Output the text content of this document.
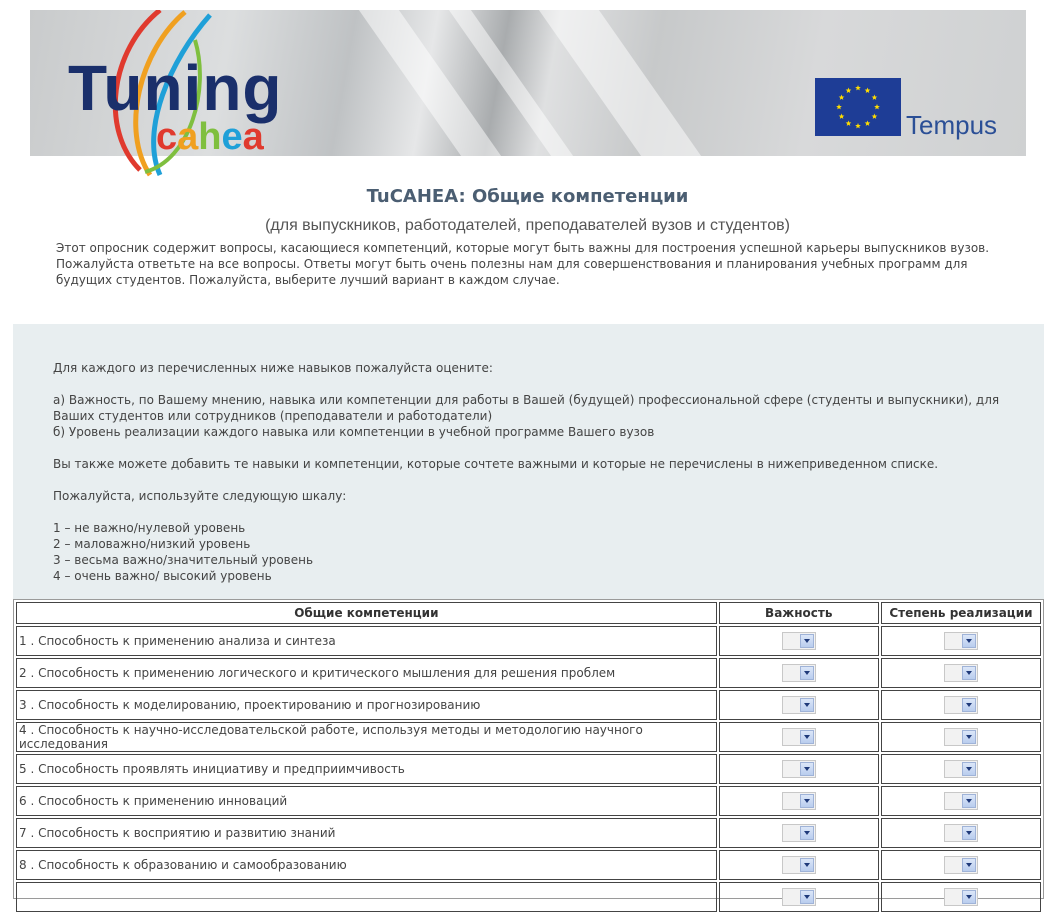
Tuning
cahea	Tempus
TuCAHEA: Общие компетенции
(для выпускников, работодателей, преподавателей вузов и студентов)
Этот опросник содержит вопросы, касающиеся компетенций, которые могут быть важны для построения успешной карьеры выпускников вузов.
Пожалуйста ответьте на все вопросы. Ответы могут быть очень полезны нам для совершенствования и планирования учебных программ для будущих студентов. Пожалуйста, выберите лучший вариант в каждом случае.

Для каждого из перечисленных ниже навыков пожалуйста оцените:

а) Важность, по Вашему мнению, навыка или компетенции для работы в Вашей (будущей) профессиональной сфере (студенты и выпускники), для Ваших студентов или сотрудников (преподаватели и работодатели)

б) Уровень реализации каждого навыка или компетенции в учебной программе Вашего вузов

Вы также можете добавить те навыки и компетенции, которые сочтете важными и которые не перечислены в нижеприведенном списке.

Пожалуйста, используйте следующую шкалу:

1 – не важно/нулевой уровень

2 – маловажно/низкий уровень

3 – весьма важно/значительный уровень

4 – очень важно/ высокий уровень

Общие компетенции	Важность	Степень реализации
1 . Способность к применению анализа и синтеза	

2 . Способность к применению логического и критического мышления для решения проблем	

3 . Способность к моделированию, проектированию и прогнозированию	

4 . Способность к научно-исследовательской работе, используя методы и методологию научного исследования	

5 . Способность проявлять инициативу и предприимчивость	

6 . Способность к применению инноваций	

7 . Способность к восприятию и развитию знаний	

8 . Способность к образованию и самообразованию	
